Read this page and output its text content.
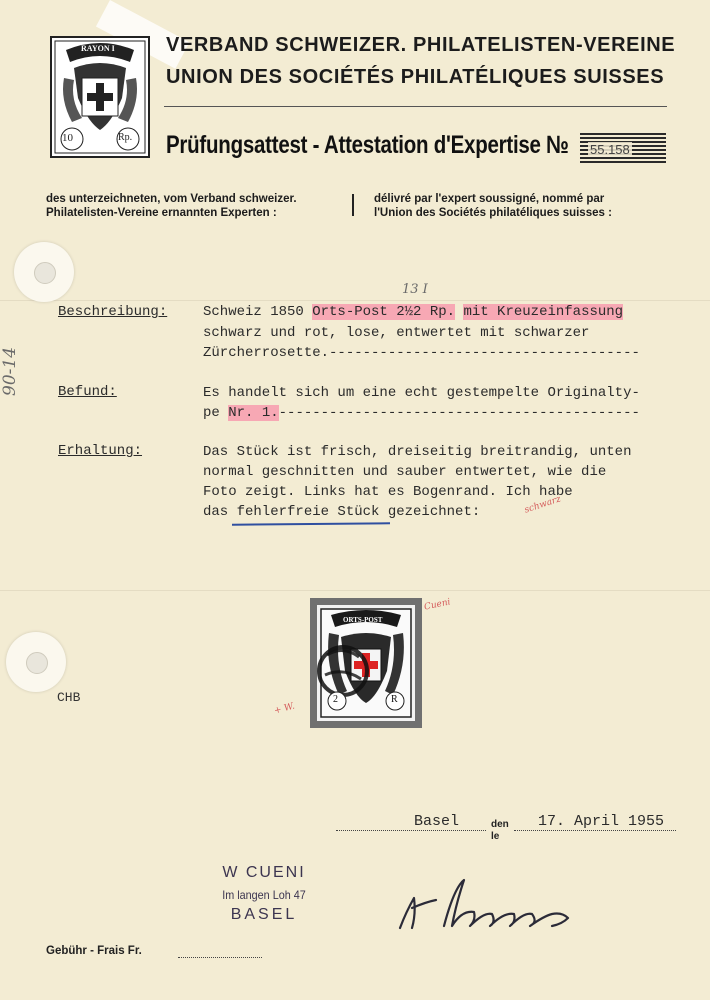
RAYON I
10	Rp.
VERBAND SCHWEIZER. PHILATELISTEN-VEREINE
UNION DES SOCIÉTÉS PHILATÉLIQUES SUISSES
Prüfungsattest - Attestation d'Expertise № 55.158
des unterzeichneten, vom Verband schweizer.
Philatelisten-Vereine ernannten Experten :
délivré par l'expert soussigné, nommé par
l'Union des Sociétés philatéliques suisses :
13 I
90-14
Beschreibung:	Schweiz 1850 Orts-Post 2½2 Rp. mit Kreuzeinfassung
schwarz und rot, lose, entwertet mit schwarzer
Zürcherrosette.-------------------------------------
Befund:	Es handelt sich um eine echt gestempelte Originalty-
pe Nr. 1.-------------------------------------------
Erhaltung:	Das Stück ist frisch, dreiseitig breitrandig, unten
normal geschnitten und sauber entwertet, wie die
Foto zeigt. Links hat es Bogenrand. Ich habe
das fehlerfreie Stück gezeichnet:	schwarz
ORTS-POST
2	R
Cueni
+ W.
CHB
Basel	den
le
17. April 1955
W CUENI
Im langen Loh 47
BASEL
Gebühr - Frais Fr.
